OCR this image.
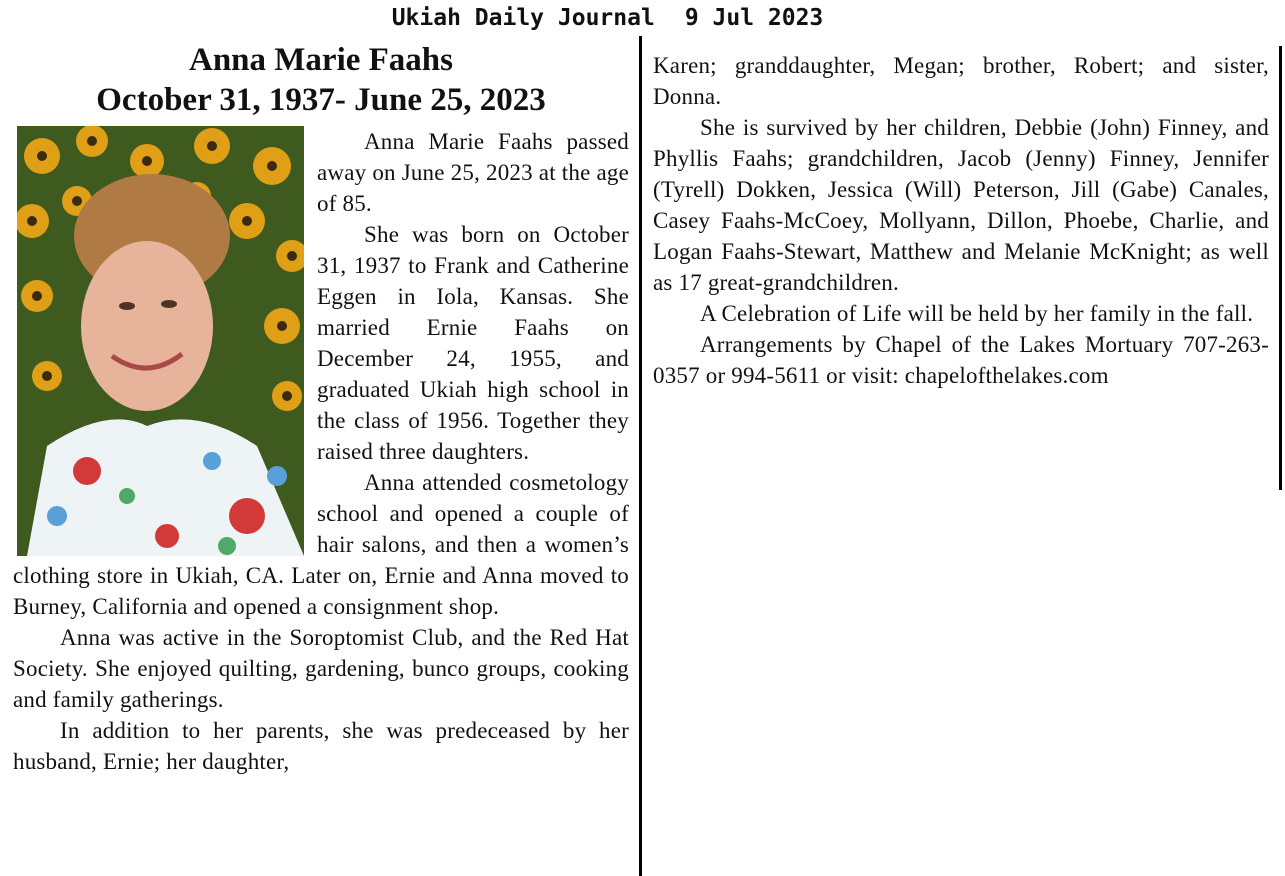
Ukiah Daily Journal 9 Jul 2023
Anna Marie Faahs
October 31, 1937- June 25, 2023

Anna Marie Faahs passed away on June 25, 2023 at the age of 85.

She was born on October 31, 1937 to Frank and Catherine Eggen in Iola, Kansas. She married Ernie Faahs on December 24, 1955, and graduated Ukiah high school in the class of 1956. Together they raised three daughters.

Anna attended cosmetology school and opened a couple of hair salons, and then a women’s clothing store in Ukiah, CA. Later on, Ernie and Anna moved to Burney, California and opened a consignment shop.

Anna was active in the Soroptomist Club, and the Red Hat Society. She enjoyed quilting, gardening, bunco groups, cooking and family gatherings.

In addition to her parents, she was predeceased by her husband, Ernie; her daughter,

Karen; granddaughter, Megan; brother, Robert; and sister, Donna.

She is survived by her children, Debbie (John) Finney, and Phyllis Faahs; grandchildren, Jacob (Jenny) Finney, Jennifer (Tyrell) Dokken, Jessica (Will) Peterson, Jill (Gabe) Canales, Casey Faahs-McCoey, Mollyann, Dillon, Phoebe, Charlie, and Logan Faahs-Stewart, Matthew and Melanie McKnight; as well as 17 great-grandchildren.

A Celebration of Life will be held by her family in the fall.

Arrangements by Chapel of the Lakes Mortuary 707-263-0357 or 994-5611 or visit: chapelofthelakes.com
